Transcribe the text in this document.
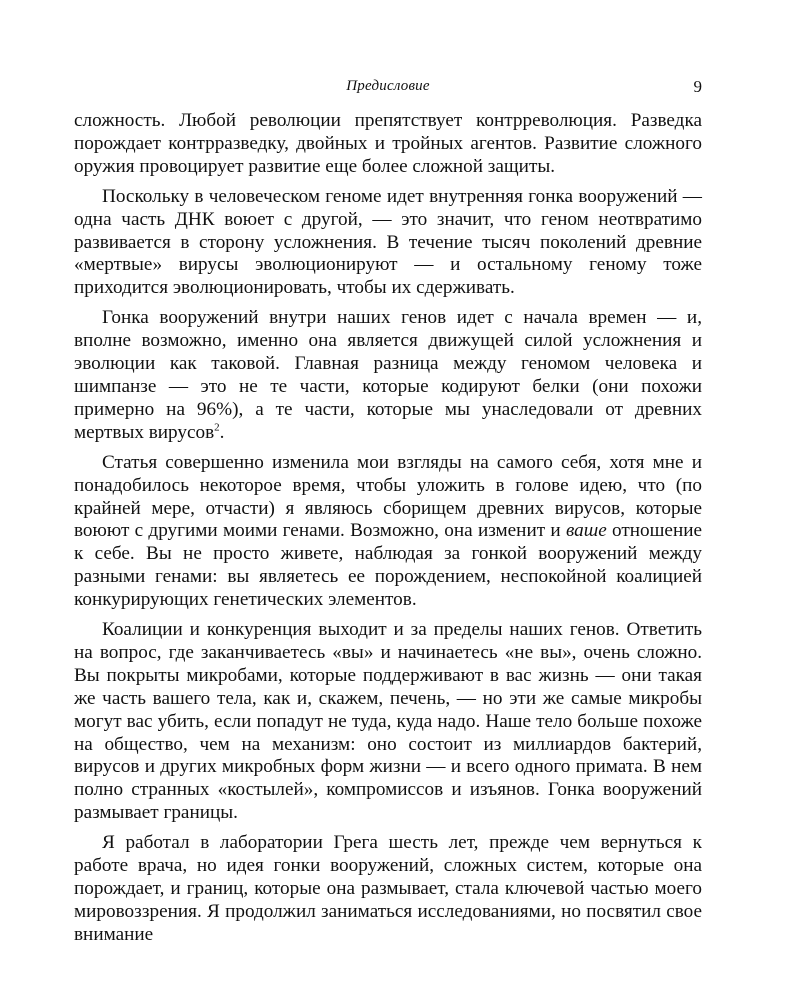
Предисловие	9

сложность. Любой революции препятствует контрреволюция. Разведка порождает контрразведку, двойных и тройных агентов. Развитие сложного оружия провоцирует развитие еще более сложной защиты.

Поскольку в человеческом геноме идет внутренняя гонка вооружений — одна часть ДНК воюет с другой, — это значит, что геном неотвратимо развивается в сторону усложнения. В течение тысяч поколений древние «мертвые» вирусы эволюционируют — и остальному геному тоже приходится эволюционировать, чтобы их сдерживать.

Гонка вооружений внутри наших генов идет с начала времен — и, вполне возможно, именно она является движущей силой усложнения и эволюции как таковой. Главная разница между геномом человека и шимпанзе — это не те части, которые кодируют белки (они похожи примерно на 96%), а те части, которые мы унаследовали от древних мертвых вирусов$^2$.

Статья совершенно изменила мои взгляды на самого себя, хотя мне и понадобилось некоторое время, чтобы уложить в голове идею, что (по крайней мере, отчасти) я являюсь сборищем древних вирусов, которые воюют с другими моими генами. Возможно, она изменит и ваше отношение к себе. Вы не просто живете, наблюдая за гонкой вооружений между разными генами: вы являетесь ее порождением, неспокойной коалицией конкурирующих генетических элементов.

Коалиции и конкуренция выходит и за пределы наших генов. Ответить на вопрос, где заканчиваетесь «вы» и начинаетесь «не вы», очень сложно. Вы покрыты микробами, которые поддерживают в вас жизнь — они такая же часть вашего тела, как и, скажем, печень, — но эти же самые микробы могут вас убить, если попадут не туда, куда надо. Наше тело больше похоже на общество, чем на механизм: оно состоит из миллиардов бактерий, вирусов и других микробных форм жизни — и всего одного примата. В нем полно странных «костылей», компромиссов и изъянов. Гонка вооружений размывает границы.

Я работал в лаборатории Грега шесть лет, прежде чем вернуться к работе врача, но идея гонки вооружений, сложных систем, которые она порождает, и границ, которые она размывает, стала ключевой частью моего мировоззрения. Я продолжил заниматься исследованиями, но посвятил свое внимание
